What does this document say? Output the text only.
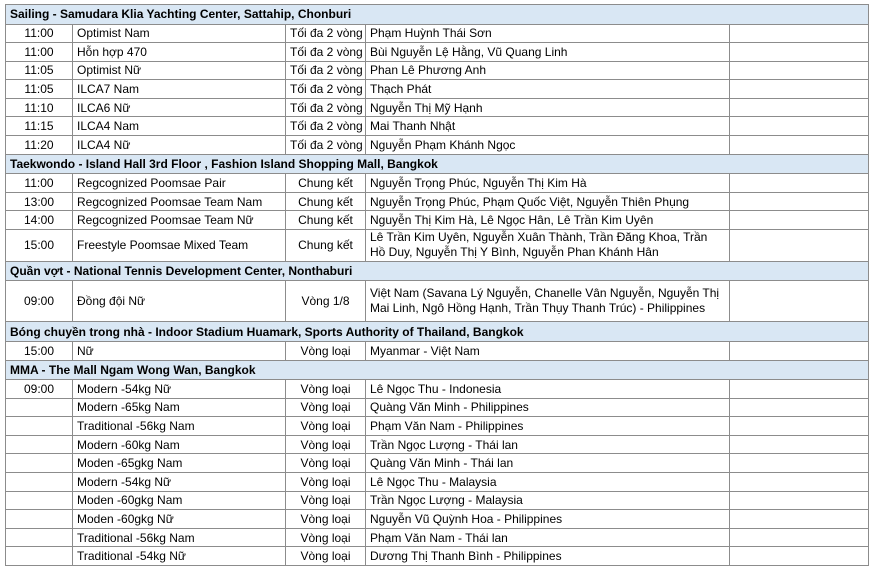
Sailing - Samudara Klia Yachting Center, Sattahip, Chonburi				
11:00	Optimist Nam	Tối đa 2 vòng	Phạm Huỳnh Thái Sơn	
11:00	Hỗn hợp 470	Tối đa 2 vòng	Bùi Nguyễn Lệ Hằng, Vũ Quang Linh	
11:05	Optimist Nữ	Tối đa 2 vòng	Phan Lê Phương Anh	
11:05	ILCA7 Nam	Tối đa 2 vòng	Thạch Phát	
11:10	ILCA6 Nữ	Tối đa 2 vòng	Nguyễn Thị Mỹ Hạnh	
11:15	ILCA4 Nam	Tối đa 2 vòng	Mai Thanh Nhật	
11:20	ILCA4 Nữ	Tối đa 2 vòng	Nguyễn Phạm Khánh Ngọc	
Taekwondo - Island Hall 3rd Floor , Fashion Island Shopping Mall, Bangkok				
11:00	Regcognized Poomsae Pair	Chung kết	Nguyễn Trọng Phúc, Nguyễn Thị Kim Hà	
13:00	Regcognized Poomsae Team Nam	Chung kết	Nguyễn Trọng Phúc, Phạm Quốc Việt, Nguyễn Thiên Phụng	
14:00	Regcognized Poomsae Team Nữ	Chung kết	Nguyễn Thị Kim Hà, Lê Ngọc Hân, Lê Trần Kim Uyên	
15:00	Freestyle Poomsae Mixed Team	Chung kết	Lê Trần Kim Uyên, Nguyễn Xuân Thành, Trần Đăng Khoa, Trần Hồ Duy, Nguyễn Thị Y Bình, Nguyễn Phan Khánh Hân	
Quần vợt - National Tennis Development Center, Nonthaburi				
09:00	Đồng đội Nữ	Vòng 1/8	Việt Nam (Savana Lý Nguyễn, Chanelle Vân Nguyễn, Nguyễn Thị Mai Linh, Ngô Hồng Hạnh, Trần Thụy Thanh Trúc) - Philippines	
Bóng chuyền trong nhà - Indoor Stadium Huamark, Sports Authority of Thailand, Bangkok				
15:00	Nữ	Vòng loại	Myanmar - Việt Nam	
MMA - The Mall Ngam Wong Wan, Bangkok				
09:00	Modern -54kg Nữ	Vòng loại	Lê Ngọc Thu - Indonesia	
	Modern -65kg Nam	Vòng loại	Quàng Văn Minh - Philippines	
	Traditional -56kg Nam	Vòng loại	Phạm Văn Nam - Philippines	
	Modern -60kg Nam	Vòng loại	Trần Ngọc Lượng - Thái lan	
	Moden -65gkg Nam	Vòng loại	Quàng Văn Minh - Thái lan	
	Modern -54kg Nữ	Vòng loại	Lê Ngọc Thu - Malaysia	
	Moden -60gkg Nam	Vòng loại	Trần Ngọc Lượng - Malaysia	
	Moden -60gkg Nữ	Vòng loại	Nguyễn Vũ Quỳnh Hoa - Philippines	
	Traditional -56kg Nam	Vòng loại	Phạm Văn Nam - Thái lan	
	Traditional -54kg Nữ	Vòng loại	Dương Thị Thanh Bình - Philippines	
